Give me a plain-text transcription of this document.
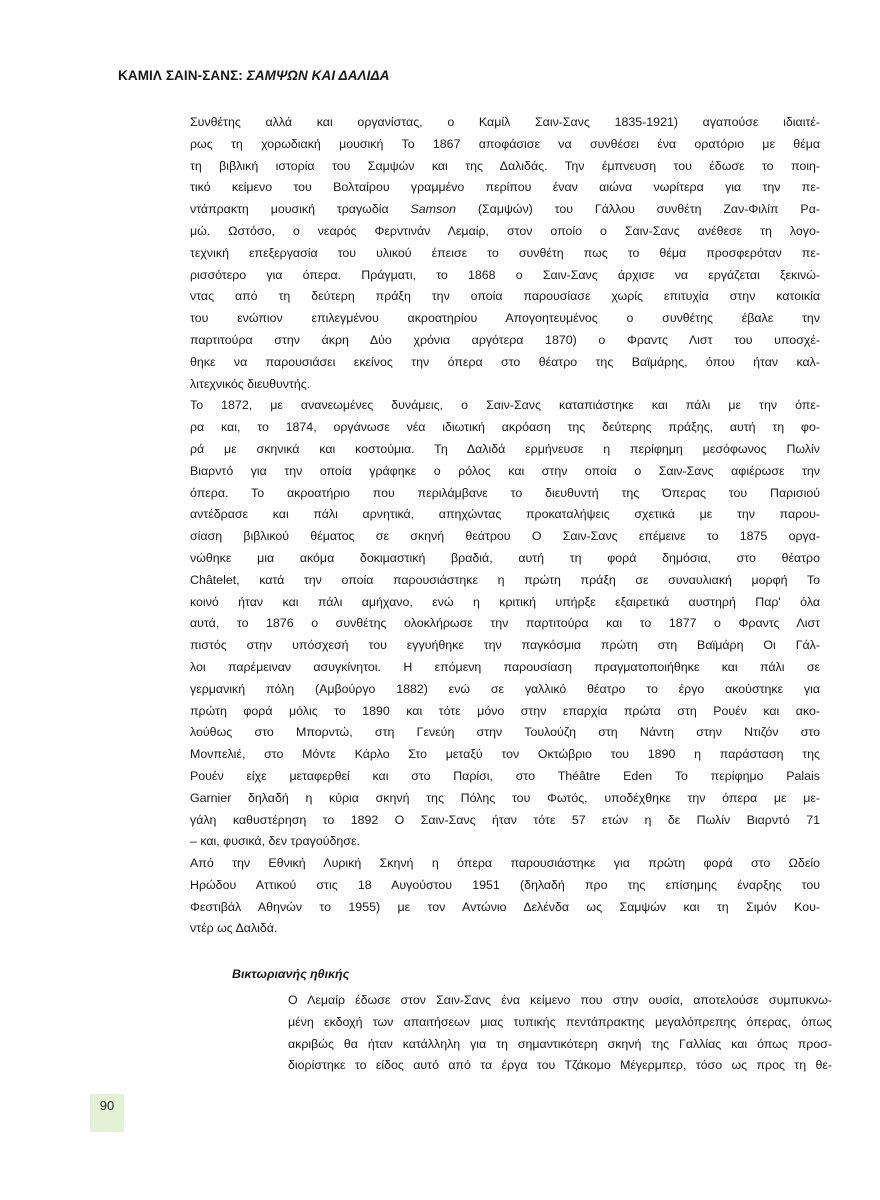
ΚΑΜΙΛ ΣΑΙΝ-ΣΑΝΣ: ΣΑΜΨΩΝ ΚΑΙ ΔΑΛΙΔΑ
Συνθέτης αλλά και οργανίστας, ο Καμίλ Σαιν-Σανς 1835-1921) αγαπούσε ιδιαιτέ-
ρως τη χορωδιακή μουσική Το 1867 αποφάσισε να συνθέσει ένα ορατόριο με θέμα
τη βιβλική ιστορία του Σαμψών και της Δαλιδάς. Την έμπνευση του έδωσε το ποιη-
τικό κείμενο του Βολταίρου γραμμένο περίπου έναν αιώνα νωρίτερα για την πε-
ντάπρακτη μουσική τραγωδία Samson (Σαμψών) του Γάλλου συνθέτη Ζαν-Φιλίπ Ρα-
μώ. Ωστόσο, ο νεαρός Φερντινάν Λεμαίρ, στον οποίο ο Σαιν-Σανς ανέθεσε τη λογο-
τεχνική επεξεργασία του υλικού έπεισε το συνθέτη πως το θέμα προσφερόταν πε-
ρισσότερο για όπερα. Πράγματι, το 1868 ο Σαιν-Σανς άρχισε να εργάζεται ξεκινώ-
ντας από τη δεύτερη πράξη την οποία παρουσίασε χωρίς επιτυχία στην κατοικία
του ενώπιον επιλεγμένου ακροατηρίου Απογοητευμένος ο συνθέτης έβαλε την
παρτιτούρα στην άκρη Δύο χρόνια αργότερα 1870) ο Φραντς Λιστ του υποσχέ-
θηκε να παρουσιάσει εκείνος την όπερα στο θέατρο της Βαϊμάρης, όπου ήταν καλ-
λιτεχνικός διευθυντής.
Το 1872, με ανανεωμένες δυνάμεις, ο Σαιν-Σανς καταπιάστηκε και πάλι με την όπε-
ρα και, το 1874, οργάνωσε νέα ιδιωτική ακρόαση της δεύτερης πράξης, αυτή τη φο-
ρά με σκηνικά και κοστούμια. Τη Δαλιδά ερμήνευσε η περίφημη μεσόφωνος Πωλίν
Βιαρντό για την οποία γράφηκε ο ρόλος και στην οποία ο Σαιν-Σανς αφιέρωσε την
όπερα. Το ακροατήριο που περιλάμβανε το διευθυντή της Όπερας του Παρισιού
αντέδρασε και πάλι αρνητικά, απηχώντας προκαταλήψεις σχετικά με την παρου-
σίαση βιβλικού θέματος σε σκηνή θεάτρου Ο Σαιν-Σανς επέμεινε το 1875 οργα-
νώθηκε μια ακόμα δοκιμαστική βραδιά, αυτή τη φορά δημόσια, στο θέατρο
Châtelet, κατά την οποία παρουσιάστηκε η πρώτη πράξη σε συναυλιακή μορφή Το
κοινό ήταν και πάλι αμήχανο, ενώ η κριτική υπήρξε εξαιρετικά αυστηρή Παρ' όλα
αυτά, το 1876 ο συνθέτης ολοκλήρωσε την παρτιτούρα και το 1877 ο Φραντς Λιστ
πιστός στην υπόσχεσή του εγγυήθηκε την παγκόσμια πρώτη στη Βαϊμάρη Οι Γάλ-
λοι παρέμειναν ασυγκίνητοι. Η επόμενη παρουσίαση πραγματοποιήθηκε και πάλι σε
γερμανική πόλη (Αμβούργο 1882) ενώ σε γαλλικό θέατρο το έργο ακούστηκε για
πρώτη φορά μόλις το 1890 και τότε μόνο στην επαρχία πρώτα στη Ρουέν και ακο-
λούθως στο Μπορντώ, στη Γενεύη στην Τουλούζη στη Νάντη στην Ντιζόν στο
Μονπελιέ, στο Μόντε Κάρλο Στο μεταξύ τον Οκτώβριο του 1890 η παράσταση της
Ρουέν είχε μεταφερθεί και στο Παρίσι, στο Théâtre Eden Το περίφημο Palais
Garnier δηλαδή η κύρια σκηνή της Πόλης του Φωτός, υποδέχθηκε την όπερα με με-
γάλη καθυστέρηση το 1892 Ο Σαιν-Σανς ήταν τότε 57 ετών η δε Πωλίν Βιαρντό 71
– και, φυσικά, δεν τραγούδησε.
Από την Εθνική Λυρική Σκηνή η όπερα παρουσιάστηκε για πρώτη φορά στο Ωδείο
Ηρώδου Αττικού στις 18 Αυγούστου 1951 (δηλαδή προ της επίσημης έναρξης του
Φεστιβάλ Αθηνών το 1955) με τον Αντώνιο Δελένδα ως Σαμψών και τη Σιμόν Κου-
ντέρ ως Δαλιδά.
Βικτωριανής ηθικής
Ο Λεμαίρ έδωσε στον Σαιν-Σανς ένα κείμενο που στην ουσία, αποτελούσε συμπυκνω-
μένη εκδοχή των απαιτήσεων μιας τυπικής πεντάπρακτης μεγαλόπρεπης όπερας, όπως
ακριβώς θα ήταν κατάλληλη για τη σημαντικότερη σκηνή της Γαλλίας και όπως προσ-
διορίστηκε το είδος αυτό από τα έργα του Τζάκομο Μέγερμπερ, τόσο ως προς τη θε-
90
